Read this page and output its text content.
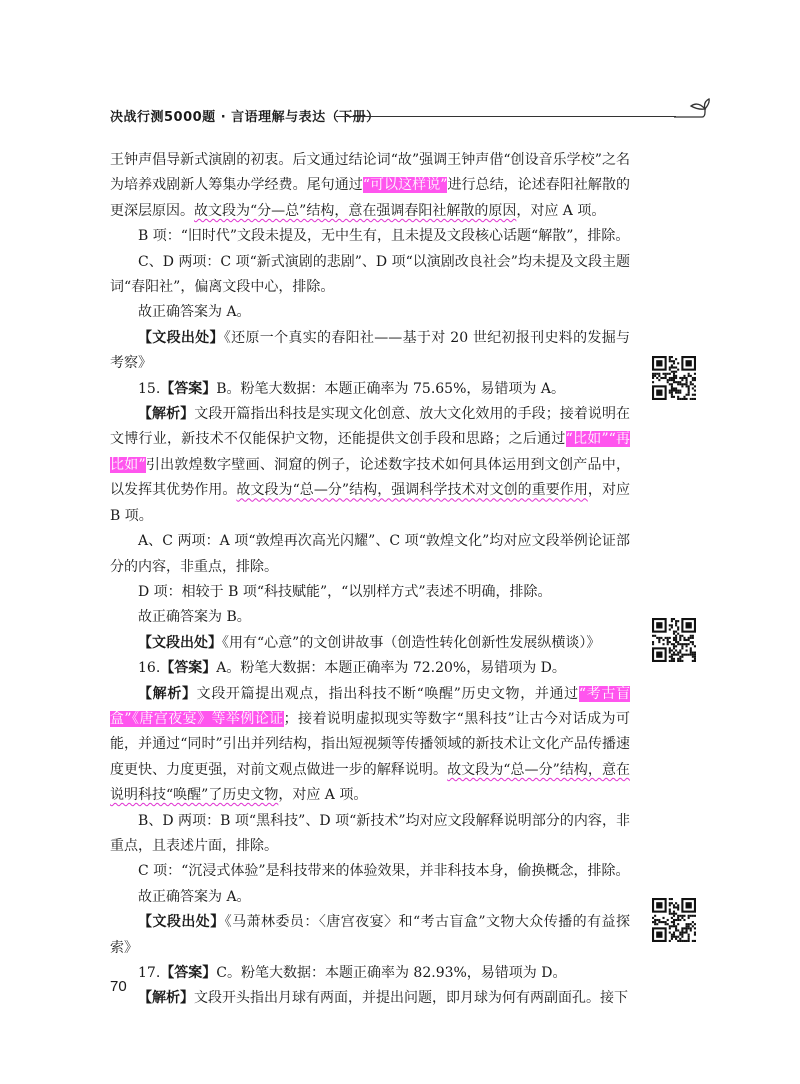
决战行测5000题 · 言语理解与表达（下册）

王钟声倡导新式演剧的初衷。后文通过结论词“故”强调王钟声借“创设音乐学校”之名为培养戏剧新人筹集办学经费。尾句通过“可以这样说”进行总结，论述春阳社解散的更深层原因。故文段为“分—总”结构，意在强调春阳社解散的原因，对应 A 项。

B 项：“旧时代”文段未提及，无中生有，且未提及文段核心话题“解散”，排除。

C、D 两项：C 项“新式演剧的悲剧”、D 项“以演剧改良社会”均未提及文段主题词“春阳社”，偏离文段中心，排除。

故正确答案为 A。

【文段出处】《还原一个真实的春阳社——基于对 20 世纪初报刊史料的发掘与考察》

15.【答案】B。粉笔大数据：本题正确率为 75.65%，易错项为 A。

【解析】文段开篇指出科技是实现文化创意、放大文化效用的手段；接着说明在文博行业，新技术不仅能保护文物，还能提供文创手段和思路；之后通过“比如”“再比如”引出敦煌数字壁画、洞窟的例子，论述数字技术如何具体运用到文创产品中，以发挥其优势作用。故文段为“总—分”结构，强调科学技术对文创的重要作用，对应 B 项。

A、C 两项：A 项“敦煌再次高光闪耀”、C 项“敦煌文化”均对应文段举例论证部分的内容，非重点，排除。

D 项：相较于 B 项“科技赋能”，“以别样方式”表述不明确，排除。

故正确答案为 B。

【文段出处】《用有“心意”的文创讲故事（创造性转化创新性发展纵横谈）》

16.【答案】A。粉笔大数据：本题正确率为 72.20%，易错项为 D。

【解析】文段开篇提出观点，指出科技不断“唤醒”历史文物，并通过“考古盲盒”《唐宫夜宴》等举例论证；接着说明虚拟现实等数字“黑科技”让古今对话成为可能，并通过“同时”引出并列结构，指出短视频等传播领域的新技术让文化产品传播速度更快、力度更强，对前文观点做进一步的解释说明。故文段为“总—分”结构，意在说明科技“唤醒”了历史文物，对应 A 项。

B、D 两项：B 项“黑科技”、D 项“新技术”均对应文段解释说明部分的内容，非重点，且表述片面，排除。

C 项：“沉浸式体验”是科技带来的体验效果，并非科技本身，偷换概念，排除。

故正确答案为 A。

【文段出处】《马萧林委员：〈唐宫夜宴〉和“考古盲盒”文物大众传播的有益探索》

17.【答案】C。粉笔大数据：本题正确率为 82.93%，易错项为 D。

【解析】文段开头指出月球有两面，并提出问题，即月球为何有两副面孔。接下

70
